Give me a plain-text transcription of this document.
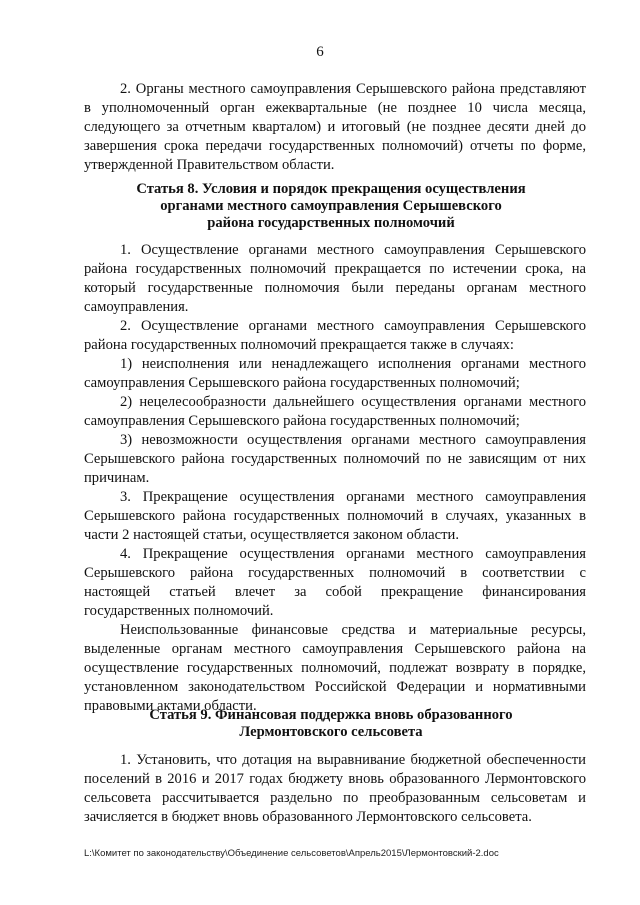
6

2. Органы местного самоуправления Серышевского района представляют в уполномоченный орган ежеквартальные (не позднее 10 числа месяца, следующего за отчетным кварталом) и итоговый (не позднее десяти дней до завершения срока передачи государственных полномочий) отчеты по форме, утвержденной Правительством области.

Статья 8. Условия и порядок прекращения осуществления
органами местного самоуправления Серышевского
района государственных полномочий

1. Осуществление органами местного самоуправления Серышевского района государственных полномочий прекращается по истечении срока, на который государственные полномочия были переданы органам местного самоуправления.

2. Осуществление органами местного самоуправления Серышевского района государственных полномочий прекращается также в случаях:

1) неисполнения или ненадлежащего исполнения органами местного самоуправления Серышевского района государственных полномочий;

2) нецелесообразности дальнейшего осуществления органами местного самоуправления Серышевского района государственных полномочий;

3) невозможности осуществления органами местного самоуправления Серышевского района государственных полномочий по не зависящим от них причинам.

3. Прекращение осуществления органами местного самоуправления Серышевского района государственных полномочий в случаях, указанных в части 2 настоящей статьи, осуществляется законом области.

4. Прекращение осуществления органами местного самоуправления Серышевского района государственных полномочий в соответствии с настоящей статьей влечет за собой прекращение финансирования государственных полномочий.

Неиспользованные финансовые средства и материальные ресурсы, выделенные органам местного самоуправления Серышевского района на осуществление государственных полномочий, подлежат возврату в порядке, установленном законодательством Российской Федерации и нормативными правовыми актами области.

Статья 9. Финансовая поддержка вновь образованного
Лермонтовского сельсовета

1. Установить, что дотация на выравнивание бюджетной обеспеченности поселений в 2016 и 2017 годах бюджету вновь образованного Лермонтовского сельсовета рассчитывается раздельно по преобразованным сельсоветам и зачисляется в бюджет вновь образованного Лермонтовского сельсовета.

L:\Комитет по законодательству\Объединение сельсоветов\Апрель2015\Лермонтовский-2.doc
